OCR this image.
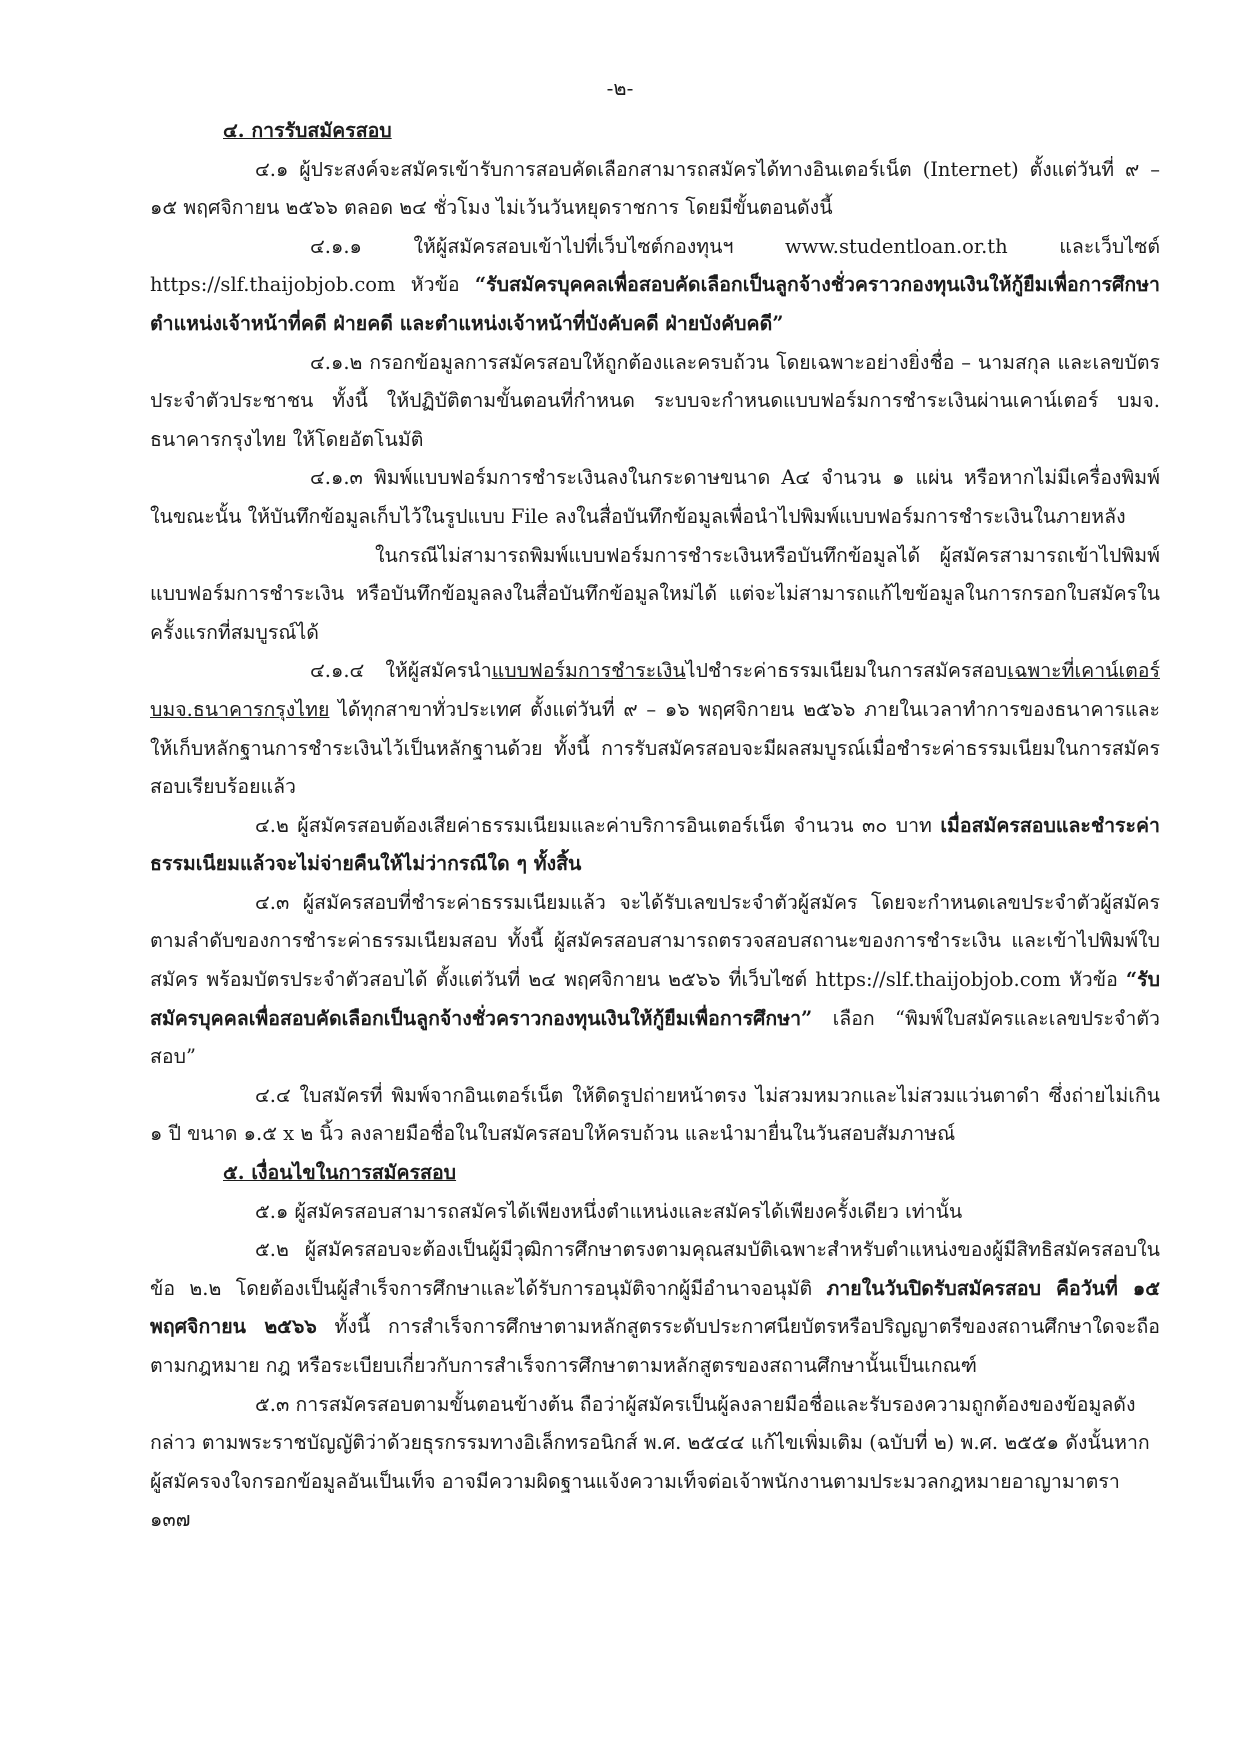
-๒-

๔. การรับสมัครสอบ

๔.๑ ผู้ประสงค์จะสมัครเข้ารับการสอบคัดเลือกสามารถสมัครได้ทางอินเตอร์เน็ต (Internet) ตั้งแต่วันที่ ๙ – ๑๕ พฤศจิกายน ๒๕๖๖ ตลอด ๒๔ ชั่วโมง ไม่เว้นวันหยุดราชการ โดยมีขั้นตอนดังนี้

๔.๑.๑ ให้ผู้สมัครสอบเข้าไปที่เว็บไซต์กองทุนฯ www.studentloan.or.th และเว็บไซต์ https://slf.thaijobjob.com หัวข้อ “รับสมัครบุคคลเพื่อสอบคัดเลือกเป็นลูกจ้างชั่วคราวกองทุนเงินให้กู้ยืมเพื่อการศึกษา ตำแหน่งเจ้าหน้าที่คดี ฝ่ายคดี และตำแหน่งเจ้าหน้าที่บังคับคดี ฝ่ายบังคับคดี”

๔.๑.๒ กรอกข้อมูลการสมัครสอบให้ถูกต้องและครบถ้วน โดยเฉพาะอย่างยิ่งชื่อ – นามสกุล และเลขบัตรประจำตัวประชาชน ทั้งนี้ ให้ปฏิบัติตามขั้นตอนที่กำหนด ระบบจะกำหนดแบบฟอร์มการชำระเงินผ่านเคาน์เตอร์ บมจ. ธนาคารกรุงไทย ให้โดยอัตโนมัติ

๔.๑.๓ พิมพ์แบบฟอร์มการชำระเงินลงในกระดาษขนาด A๔ จำนวน ๑ แผ่น หรือหากไม่มีเครื่องพิมพ์ ในขณะนั้น ให้บันทึกข้อมูลเก็บไว้ในรูปแบบ File ลงในสื่อบันทึกข้อมูลเพื่อนำไปพิมพ์แบบฟอร์มการชำระเงินในภายหลัง

ในกรณีไม่สามารถพิมพ์แบบฟอร์มการชำระเงินหรือบันทึกข้อมูลได้ ผู้สมัครสามารถเข้าไปพิมพ์แบบฟอร์มการชำระเงิน หรือบันทึกข้อมูลลงในสื่อบันทึกข้อมูลใหม่ได้ แต่จะไม่สามารถแก้ไขข้อมูลในการกรอกใบสมัครในครั้งแรกที่สมบูรณ์ได้

๔.๑.๔ ให้ผู้สมัครนำแบบฟอร์มการชำระเงินไปชำระค่าธรรมเนียมในการสมัครสอบเฉพาะที่เคาน์เตอร์ บมจ.ธนาคารกรุงไทย ได้ทุกสาขาทั่วประเทศ ตั้งแต่วันที่ ๙ – ๑๖ พฤศจิกายน ๒๕๖๖ ภายในเวลาทำการของธนาคารและให้เก็บหลักฐานการชำระเงินไว้เป็นหลักฐานด้วย ทั้งนี้ การรับสมัครสอบจะมีผลสมบูรณ์เมื่อชำระค่าธรรมเนียมในการสมัครสอบเรียบร้อยแล้ว

๔.๒ ผู้สมัครสอบต้องเสียค่าธรรมเนียมและค่าบริการอินเตอร์เน็ต จำนวน ๓๐ บาท เมื่อสมัครสอบและชำระค่าธรรมเนียมแล้วจะไม่จ่ายคืนให้ไม่ว่ากรณีใด ๆ ทั้งสิ้น

๔.๓ ผู้สมัครสอบที่ชำระค่าธรรมเนียมแล้ว จะได้รับเลขประจำตัวผู้สมัคร โดยจะกำหนดเลขประจำตัวผู้สมัครตามลำดับของการชำระค่าธรรมเนียมสอบ ทั้งนี้ ผู้สมัครสอบสามารถตรวจสอบสถานะของการชำระเงิน และเข้าไปพิมพ์ใบสมัคร พร้อมบัตรประจำตัวสอบได้ ตั้งแต่วันที่ ๒๔ พฤศจิกายน ๒๕๖๖ ที่เว็บไซต์ https://slf.thaijobjob.com หัวข้อ “รับสมัครบุคคลเพื่อสอบคัดเลือกเป็นลูกจ้างชั่วคราวกองทุนเงินให้กู้ยืมเพื่อการศึกษา” เลือก “พิมพ์ใบสมัครและเลขประจำตัวสอบ”

๔.๔ ใบสมัครที่ พิมพ์จากอินเตอร์เน็ต ให้ติดรูปถ่ายหน้าตรง ไม่สวมหมวกและไม่สวมแว่นตาดำ ซึ่งถ่ายไม่เกิน ๑ ปี ขนาด ๑.๕ x ๒ นิ้ว ลงลายมือชื่อในใบสมัครสอบให้ครบถ้วน และนำมายื่นในวันสอบสัมภาษณ์

๕. เงื่อนไขในการสมัครสอบ

๕.๑ ผู้สมัครสอบสามารถสมัครได้เพียงหนึ่งตำแหน่งและสมัครได้เพียงครั้งเดียว เท่านั้น

๕.๒ ผู้สมัครสอบจะต้องเป็นผู้มีวุฒิการศึกษาตรงตามคุณสมบัติเฉพาะสำหรับตำแหน่งของผู้มีสิทธิสมัครสอบในข้อ ๒.๒ โดยต้องเป็นผู้สำเร็จการศึกษาและได้รับการอนุมัติจากผู้มีอำนาจอนุมัติ ภายในวันปิดรับสมัครสอบ คือวันที่ ๑๕ พฤศจิกายน ๒๕๖๖ ทั้งนี้ การสำเร็จการศึกษาตามหลักสูตรระดับประกาศนียบัตรหรือปริญญาตรีของสถานศึกษาใดจะถือตามกฎหมาย กฎ หรือระเบียบเกี่ยวกับการสำเร็จการศึกษาตามหลักสูตรของสถานศึกษานั้นเป็นเกณฑ์

๕.๓ การสมัครสอบตามขั้นตอนข้างต้น ถือว่าผู้สมัครเป็นผู้ลงลายมือชื่อและรับรองความถูกต้องของข้อมูลดังกล่าว ตามพระราชบัญญัติว่าด้วยธุรกรรมทางอิเล็กทรอนิกส์ พ.ศ. ๒๕๔๔ แก้ไขเพิ่มเติม (ฉบับที่ ๒) พ.ศ. ๒๕๕๑ ดังนั้นหากผู้สมัครจงใจกรอกข้อมูลอันเป็นเท็จ อาจมีความผิดฐานแจ้งความเท็จต่อเจ้าพนักงานตามประมวลกฎหมายอาญามาตรา ๑๓๗
